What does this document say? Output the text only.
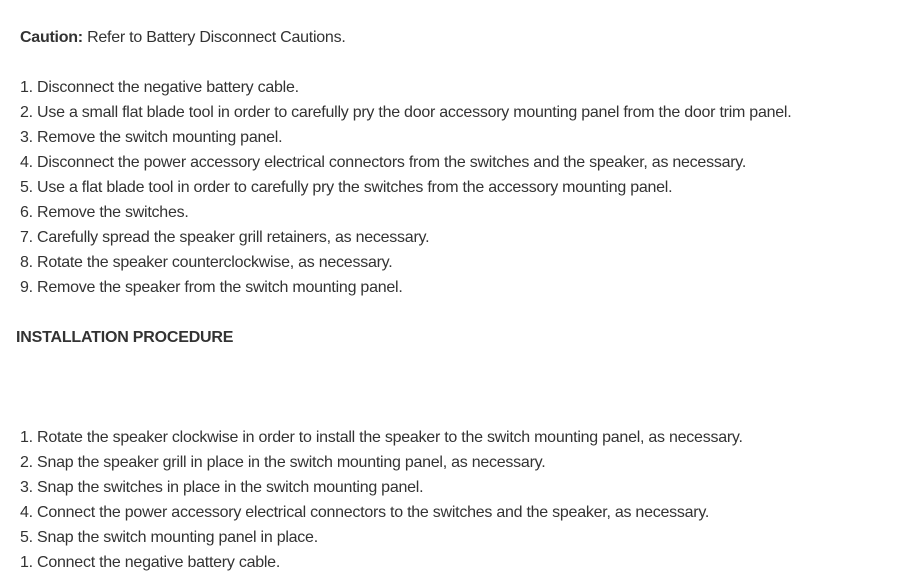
Caution: Refer to Battery Disconnect Cautions.
1. Disconnect the negative battery cable.
2. Use a small flat blade tool in order to carefully pry the door accessory mounting panel from the door trim panel.
3. Remove the switch mounting panel.
4. Disconnect the power accessory electrical connectors from the switches and the speaker, as necessary.
5. Use a flat blade tool in order to carefully pry the switches from the accessory mounting panel.
6. Remove the switches.
7. Carefully spread the speaker grill retainers, as necessary.
8. Rotate the speaker counterclockwise, as necessary.
9. Remove the speaker from the switch mounting panel.
INSTALLATION PROCEDURE
1. Rotate the speaker clockwise in order to install the speaker to the switch mounting panel, as necessary.
2. Snap the speaker grill in place in the switch mounting panel, as necessary.
3. Snap the switches in place in the switch mounting panel.
4. Connect the power accessory electrical connectors to the switches and the speaker, as necessary.
5. Snap the switch mounting panel in place.
1. Connect the negative battery cable.
